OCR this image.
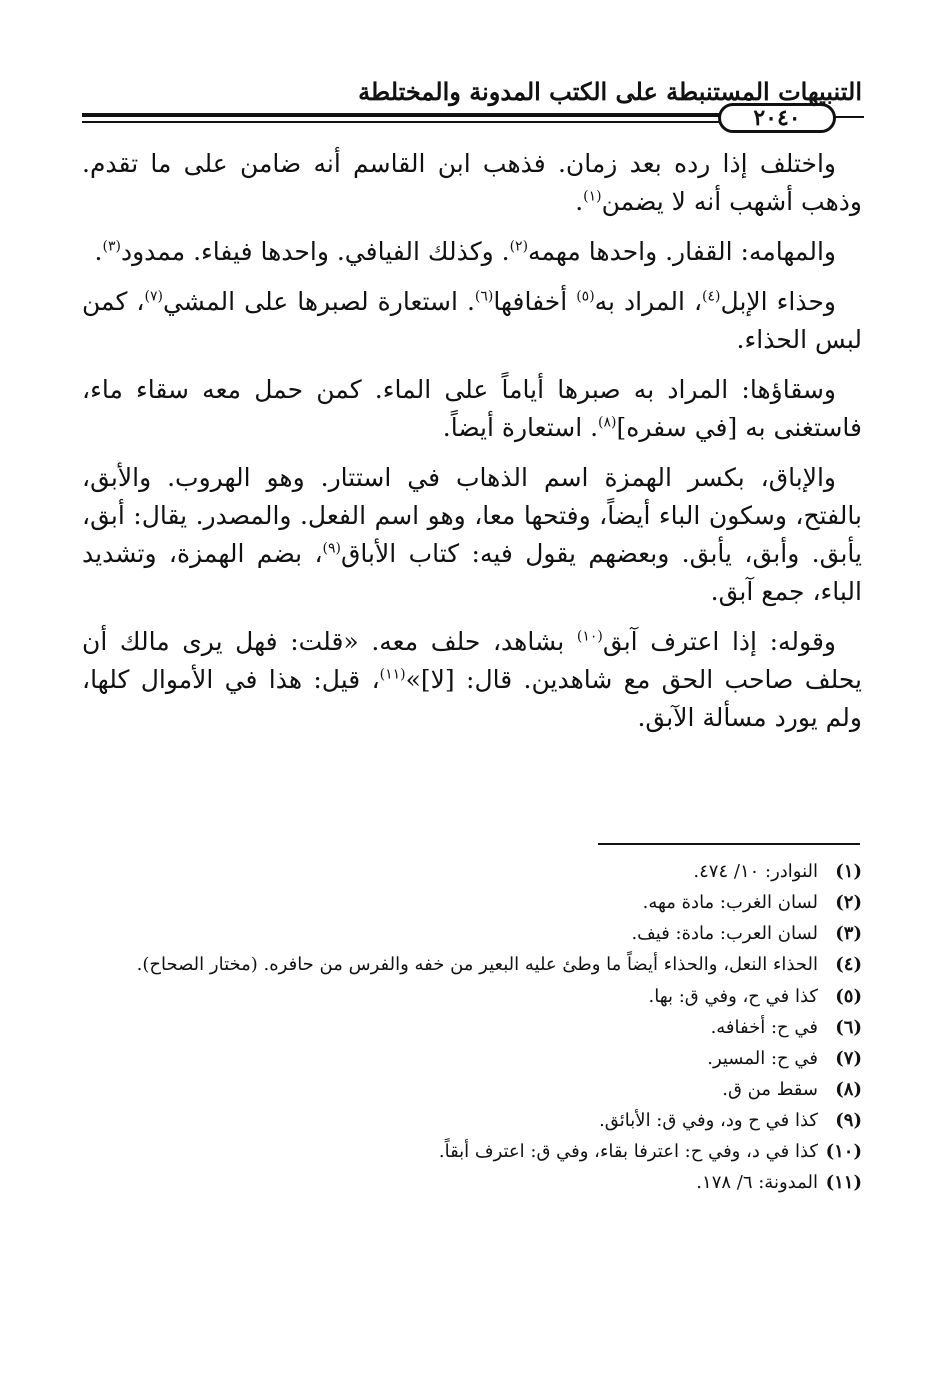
التنبيهات المستنبطة على الكتب المدونة والمختلطة
٢٠٤٠

واختلف إذا رده بعد زمان. فذهب ابن القاسم أنه ضامن على ما تقدم. وذهب أشهب أنه لا يضمن$^{(١)}$.

والمهامه: القفار. واحدها مهمه$^{(٢)}$. وكذلك الفيافي. واحدها فيفاء. ممدود$^{(٣)}$.

وحذاء الإبل$^{(٤)}$، المراد به$^{(٥)}$ أخفافها$^{(٦)}$. استعارة لصبرها على المشي$^{(٧)}$، كمن لبس الحذاء.

وسقاؤها: المراد به صبرها أياماً على الماء. كمن حمل معه سقاء ماء، فاستغنى به [في سفره]$^{(٨)}$. استعارة أيضاً.

والإباق، بكسر الهمزة اسم الذهاب في استتار. وهو الهروب. والأبق، بالفتح، وسكون الباء أيضاً، وفتحها معا، وهو اسم الفعل. والمصدر. يقال: أبق، يأبق. وأبق، يأبق. وبعضهم يقول فيه: كتاب الأباق$^{(٩)}$، بضم الهمزة، وتشديد الباء، جمع آبق.

وقوله: إذا اعترف آبق$^{(١٠)}$ بشاهد، حلف معه. «قلت: فهل يرى مالك أن يحلف صاحب الحق مع شاهدين. قال: [لا]»$^{(١١)}$، قيل: هذا في الأموال كلها، ولم يورد مسألة الآبق.

(١)
النوادر: ١٠/ ٤٧٤.
(٢)
لسان الغرب: مادة مهه.
(٣)
لسان العرب: مادة: فيف.
(٤)
الحذاء النعل، والحذاء أيضاً ما وطئ عليه البعير من خفه والفرس من حافره. (مختار الصحاح).
(٥)
كذا في ح، وفي ق: بها.
(٦)
في ح: أخفافه.
(٧)
في ح: المسير.
(٨)
سقط من ق.
(٩)
كذا في ح ود، وفي ق: الأبائق.
(١٠)
كذا في د، وفي ح: اعترفا بقاء، وفي ق: اعترف أبقاً.
(١١)
المدونة: ٦/ ١٧٨.
